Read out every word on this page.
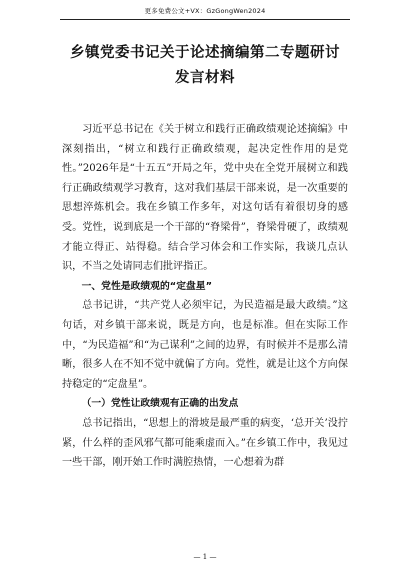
更多免费公文+VX：GzGongWen2024
乡镇党委书记关于论述摘编第二专题研讨发言材料

习近平总书记在《关于树立和践行正确政绩观论述摘编》中深刻指出，“树立和践行正确政绩观，起决定性作用的是党性。”2026年是“十五五”开局之年，党中央在全党开展树立和践行正确政绩观学习教育，这对我们基层干部来说，是一次重要的思想淬炼机会。我在乡镇工作多年，对这句话有着很切身的感受。党性，说到底是一个干部的“脊梁骨”，脊梁骨硬了，政绩观才能立得正、站得稳。结合学习体会和工作实际，我谈几点认识，不当之处请同志们批评指正。

一、党性是政绩观的“定盘星”

总书记讲，“共产党人必须牢记，为民造福是最大政绩。”这句话，对乡镇干部来说，既是方向，也是标准。但在实际工作中，“为民造福”和“为己谋利”之间的边界，有时候并不是那么清晰，很多人在不知不觉中就偏了方向。党性，就是让这个方向保持稳定的“定盘星”。

（一）党性让政绩观有正确的出发点

总书记指出，“思想上的滑坡是最严重的病变，‘总开关’没拧紧，什么样的歪风邪气都可能乘虚而入。”在乡镇工作中，我见过一些干部，刚开始工作时满腔热情，一心想着为群

— 1 —
